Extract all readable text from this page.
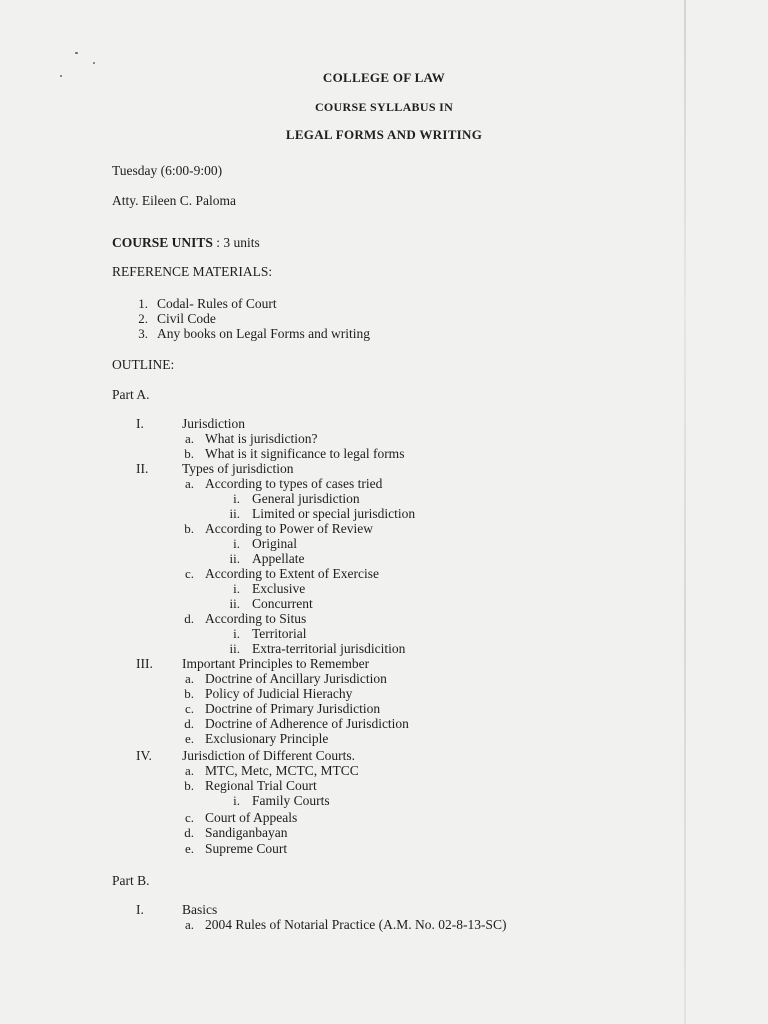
COLLEGE OF LAW
COURSE SYLLABUS IN
LEGAL FORMS AND WRITING
Tuesday (6:00-9:00)
Atty. Eileen C. Paloma
COURSE UNITS : 3 units
REFERENCE MATERIALS:
1. Codal- Rules of Court
2. Civil Code
3. Any books on Legal Forms and writing
OUTLINE:
Part A.
I.	Jurisdiction
a. What is jurisdiction?
b. What is it significance to legal forms
II. Types of jurisdiction
a. According to types of cases tried
i. General jurisdiction
ii. Limited or special jurisdiction
b. According to Power of Review
i. Original
ii. Appellate
c. According to Extent of Exercise
i. Exclusive
ii. Concurrent
d. According to Situs
i. Territorial
ii. Extra-territorial jurisdicition
III. Important Principles to Remember
a. Doctrine of Ancillary Jurisdiction
b. Policy of Judicial Hierachy
c. Doctrine of Primary Jurisdiction
d. Doctrine of Adherence of Jurisdiction
e. Exclusionary Principle
IV. Jurisdiction of Different Courts.
a. MTC, Metc, MCTC, MTCC
b. Regional Trial Court
i. Family Courts
c. Court of Appeals
d. Sandiganbayan
e. Supreme Court
Part B.
I.	Basics
a. 2004 Rules of Notarial Practice (A.M. No. 02-8-13-SC)
